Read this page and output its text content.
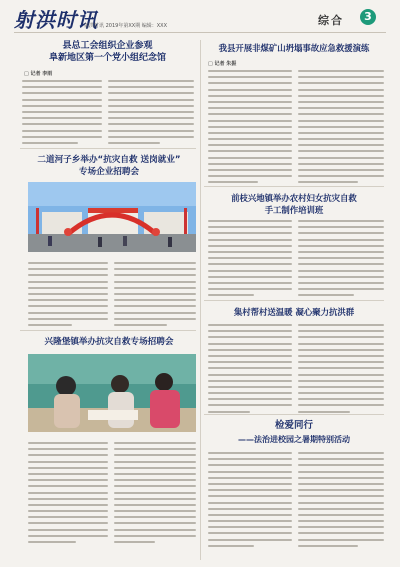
射洪时讯
射洪时讯 2019年第XX期 编辑：XXX	综合	3
县总工会组织企业参观
阜新地区第一个党小组纪念馆
□ 记者 李雨
二道河子乡举办“抗灾自救 送岗就业”
专场企业招聘会
兴隆堡镇举办抗灾自救专场招聘会
我县开展非煤矿山坍塌事故应急救援演练
□ 记者 朱振
前枝兴地镇举办农村妇女抗灾自救
手工制作培训班
集村帮村送温暖 凝心聚力抗洪群
检爱同行
——法治进校园之暑期特别活动
